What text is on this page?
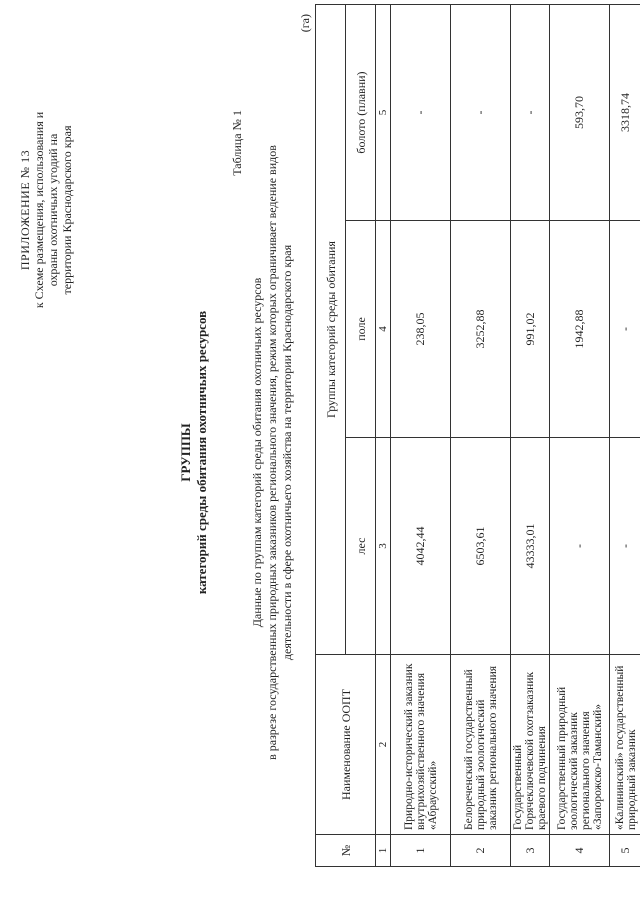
ПРИЛОЖЕНИЕ № 13 к Схеме размещения, использования и охраны охотничьих угодий на территории Краснодарского края
ГРУППЫ категорий среды обитания охотничьих ресурсов
Таблица № 1
Данные по группам категорий среды обитания охотничьих ресурсов в разрезе государственных природных заказников регионального значения, режим которых ограничивает ведение видов деятельности в сфере охотничьего хозяйства на территории Краснодарского края
(га)
№	Наименование ООПТ	Группы категорий среды обитания		
		лес	поле	болото (плавни)
1	2	3	4	5
1	Природно-исторический заказник внутрихозяйственного значения «Абраусский»	4042,44	238,05	-
2	Белореченский государственный природный зоологический заказник регионального значения	6503,61	3252,88	-
3	Государственный Горячеключевской охотзаказник краевого подчинения	43333,01	991,02	-
4	Государственный природный зоологический заказник регионального значения «Запорожско-Таманский»	-	1942,88	593,70
5	«Калининский» государственный природный заказник	-	-	3318,74
